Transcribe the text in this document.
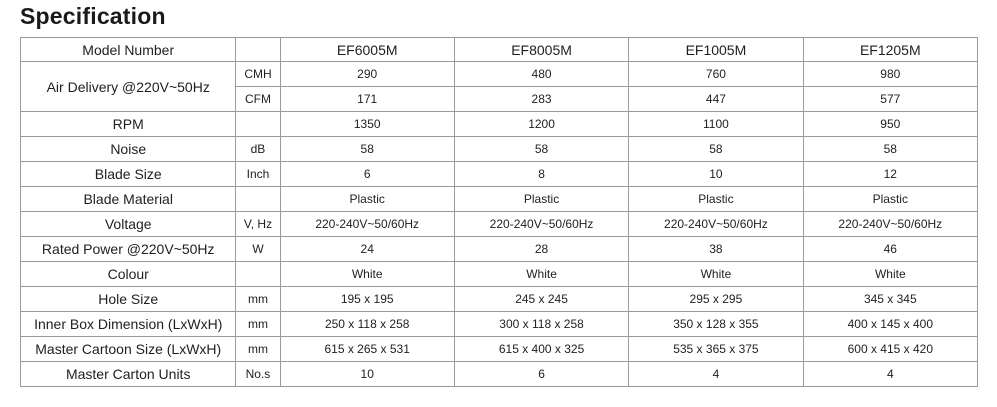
Specification
Model Number		EF6005M	EF8005M	EF1005M	EF1205M
Air Delivery @220V~50Hz	CMH	290	480	760	980
	CFM	171	283	447	577
RPM		1350	1200	1100	950
Noise	dB	58	58	58	58
Blade Size	Inch	6	8	10	12
Blade Material		Plastic	Plastic	Plastic	Plastic
Voltage	V, Hz	220-240V~50/60Hz	220-240V~50/60Hz	220-240V~50/60Hz	220-240V~50/60Hz
Rated Power @220V~50Hz	W	24	28	38	46
Colour		White	White	White	White
Hole Size	mm	195 x 195	245 x 245	295 x 295	345 x 345
Inner Box Dimension (LxWxH)	mm	250 x 118 x 258	300 x 118 x 258	350 x 128 x 355	400 x 145 x 400
Master Cartoon Size (LxWxH)	mm	615 x 265 x 531	615 x 400 x 325	535 x 365 x 375	600 x 415 x 420
Master Carton Units	No.s	10	6	4	4
